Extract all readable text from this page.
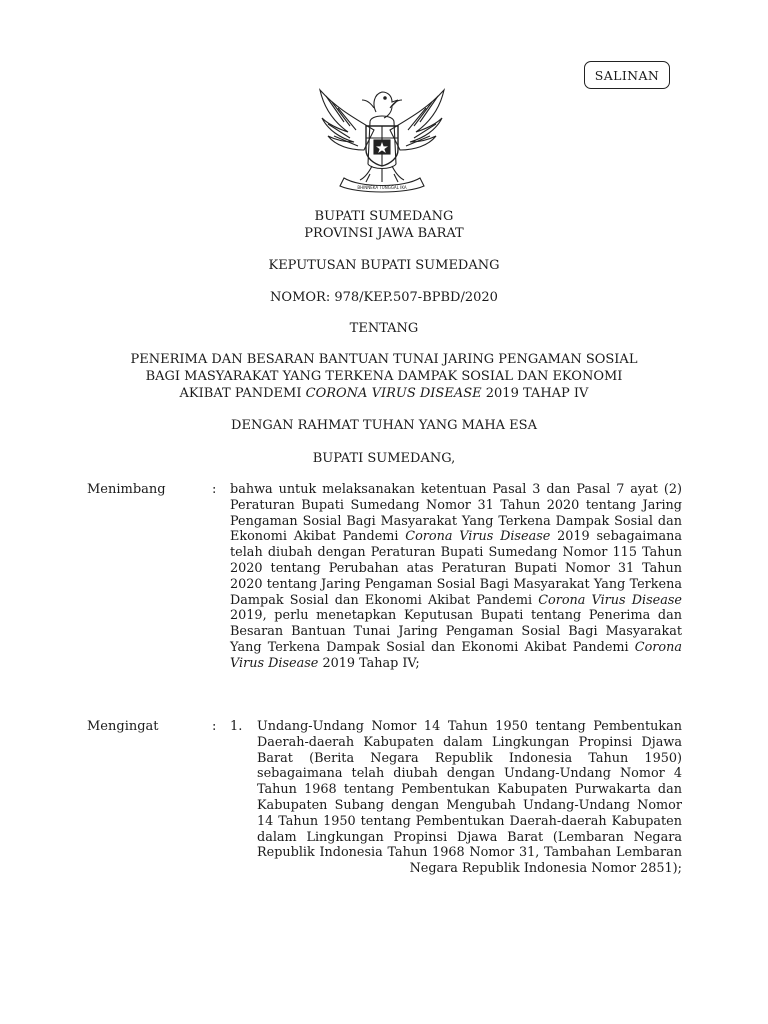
SALINAN
BHINNEKA TUNGGAL IKA
BUPATI SUMEDANG
PROVINSI JAWA BARAT
KEPUTUSAN BUPATI SUMEDANG
NOMOR: 978/KEP.507-BPBD/2020
TENTANG
PENERIMA DAN BESARAN BANTUAN TUNAI JARING PENGAMAN SOSIAL
BAGI MASYARAKAT YANG TERKENA DAMPAK SOSIAL DAN EKONOMI
AKIBAT PANDEMI CORONA VIRUS DISEASE 2019 TAHAP IV
DENGAN RAHMAT TUHAN YANG MAHA ESA
BUPATI SUMEDANG,
Menimbang	: bahwa untuk melaksanakan ketentuan Pasal 3 dan Pasal 7 ayat (2) Peraturan Bupati Sumedang Nomor 31 Tahun 2020 tentang Jaring Pengaman Sosial Bagi Masyarakat Yang Terkena Dampak Sosial dan Ekonomi Akibat Pandemi Corona Virus Disease 2019 sebagaimana telah diubah dengan Peraturan Bupati Sumedang Nomor 115 Tahun 2020 tentang Perubahan atas Peraturan Bupati Nomor 31 Tahun 2020 tentang Jaring Pengaman Sosial Bagi Masyarakat Yang Terkena Dampak Sosial dan Ekonomi Akibat Pandemi Corona Virus Disease 2019, perlu menetapkan Keputusan Bupati tentang Penerima dan Besaran Bantuan Tunai Jaring Pengaman Sosial Bagi Masyarakat Yang Terkena Dampak Sosial dan Ekonomi Akibat Pandemi Corona Virus Disease 2019 Tahap IV;
Mengingat	: 1. Undang-Undang Nomor 14 Tahun 1950 tentang Pembentukan Daerah-daerah Kabupaten dalam Lingkungan Propinsi Djawa Barat (Berita Negara Republik Indonesia Tahun 1950) sebagaimana telah diubah dengan Undang-Undang Nomor 4 Tahun 1968 tentang Pembentukan Kabupaten Purwakarta dan Kabupaten Subang dengan Mengubah Undang-Undang Nomor 14 Tahun 1950 tentang Pembentukan Daerah-daerah Kabupaten dalam Lingkungan Propinsi Djawa Barat (Lembaran Negara Republik Indonesia Tahun 1968 Nomor 31, Tambahan Lembaran Negara Republik Indonesia Nomor 2851);
